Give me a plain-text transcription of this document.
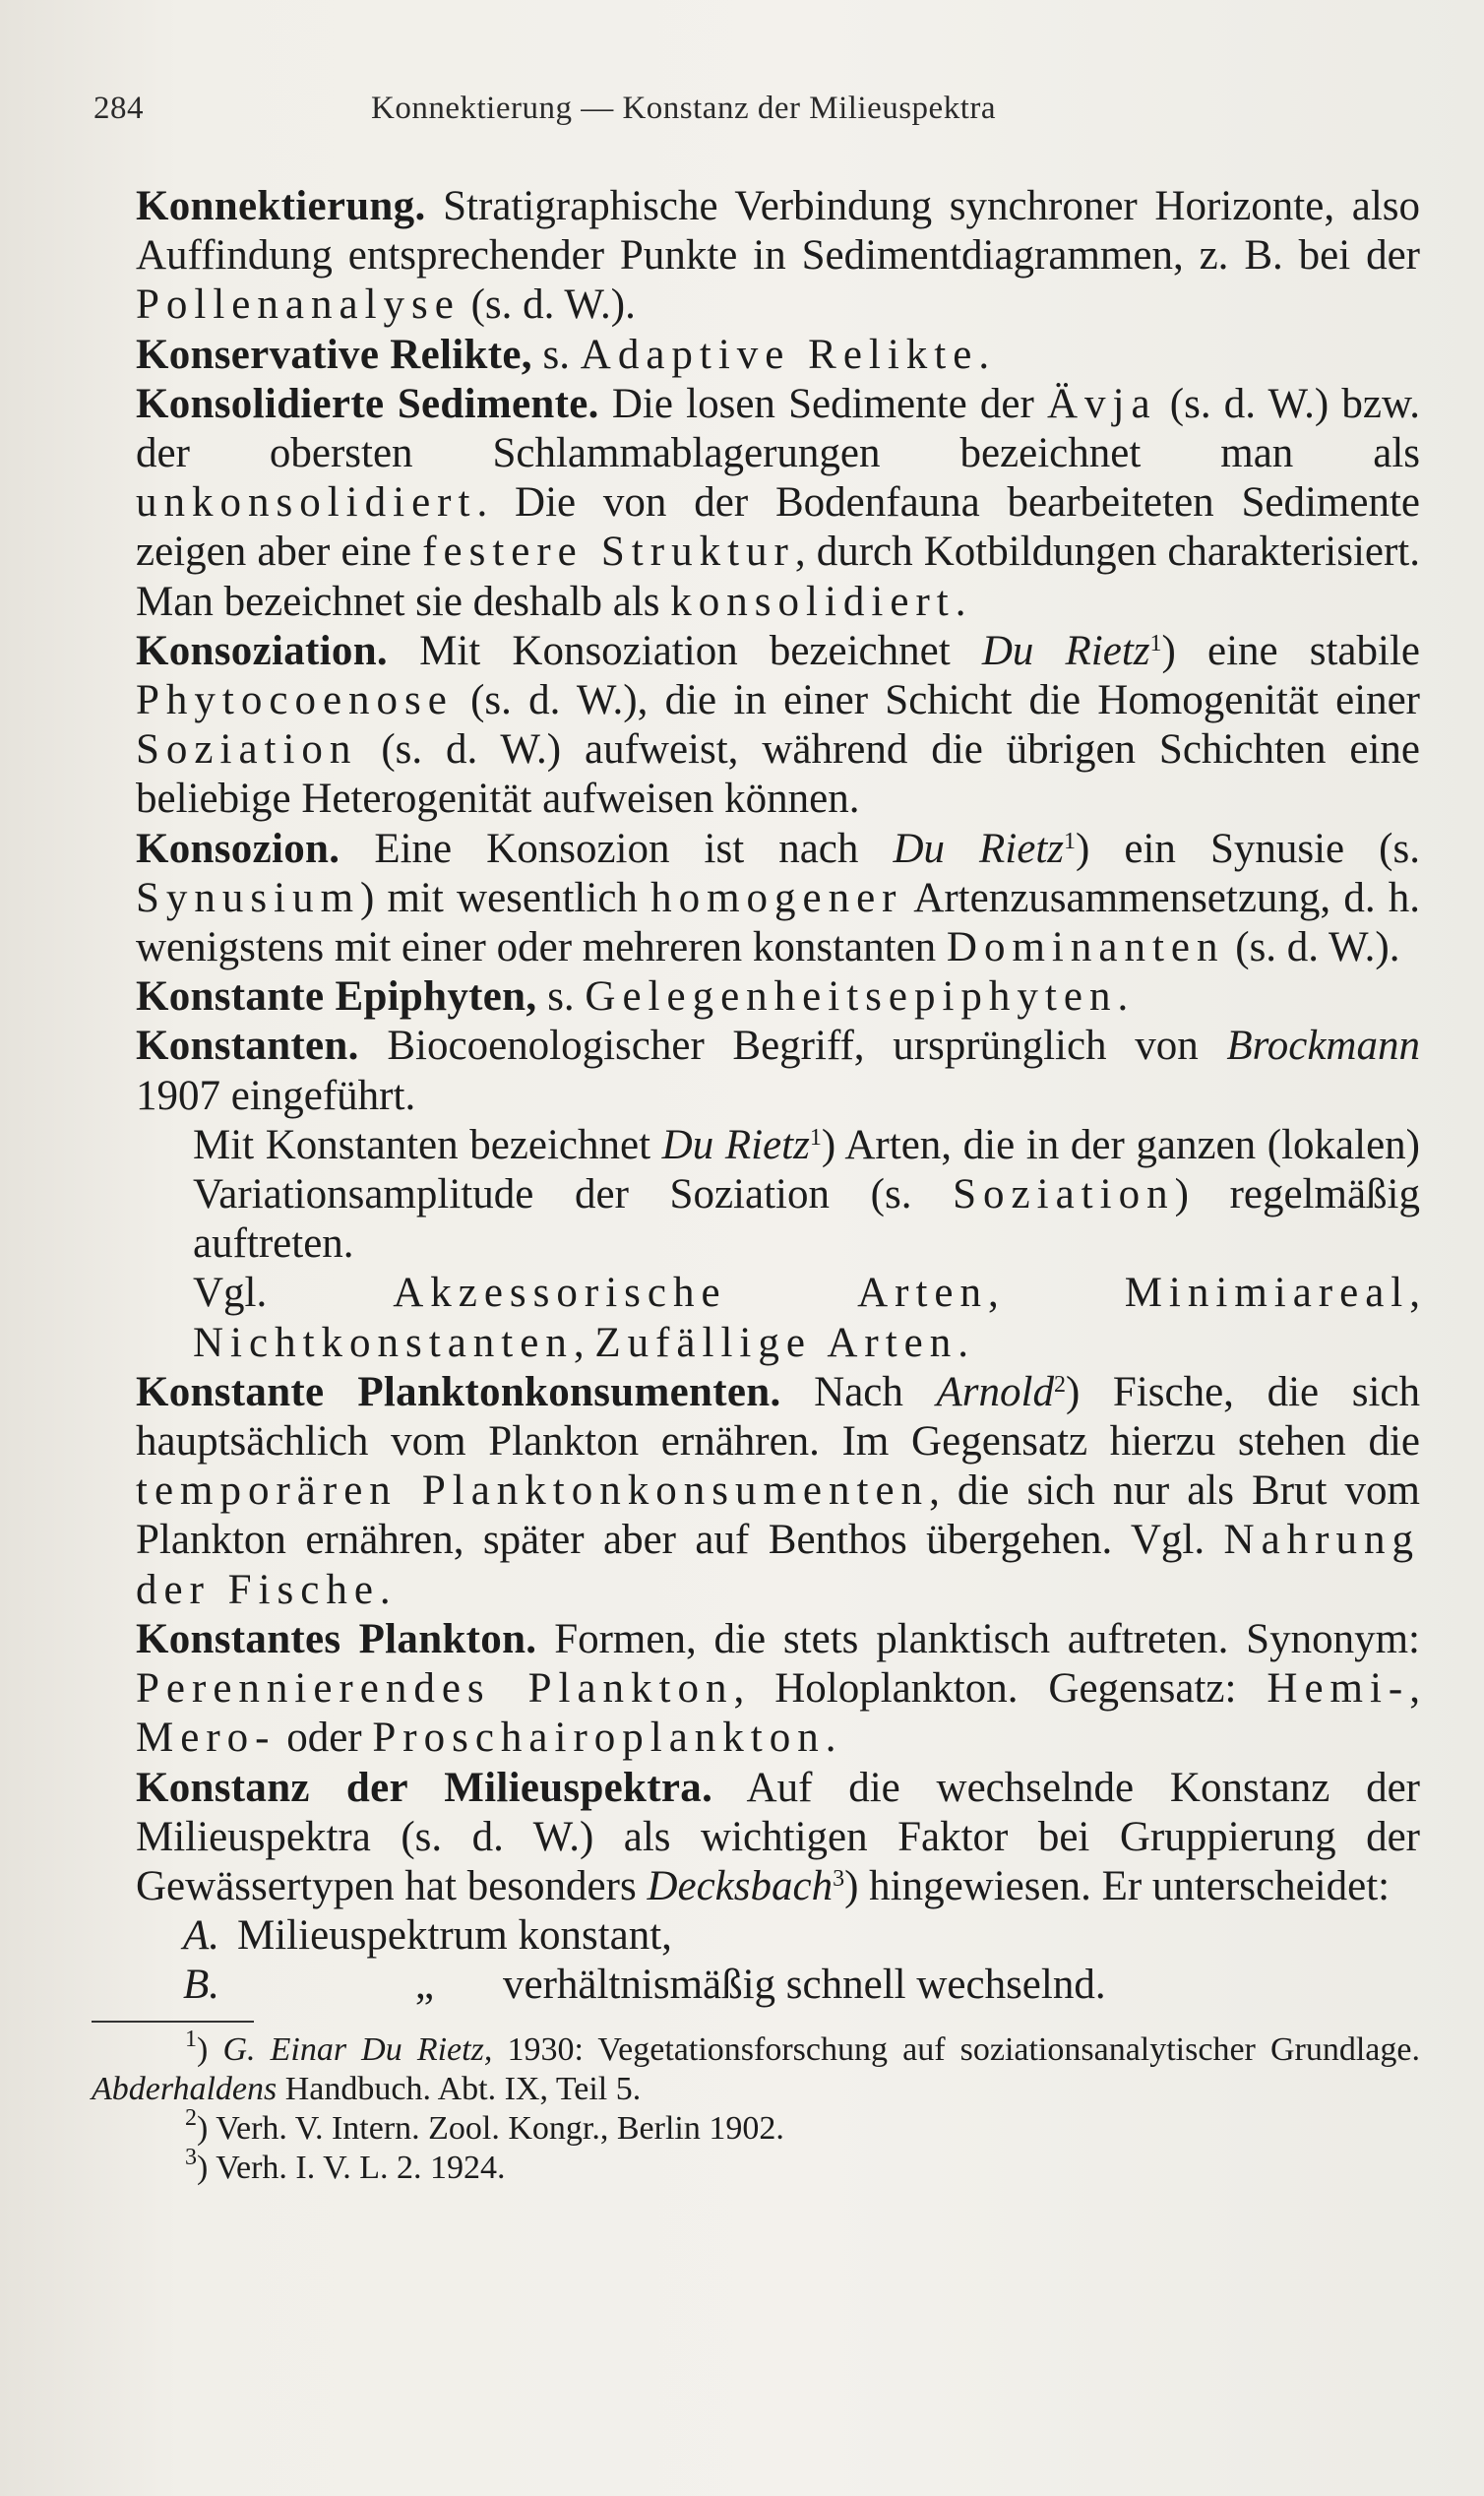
284	Konnektierung — Konstanz der Milieuspektra

Konnektierung. Stratigraphische Verbindung synchroner Horizonte, also Auffindung entsprechender Punkte in Sedimentdiagrammen, z. B. bei der Pollenanalyse (s. d. W.).

Konservative Relikte, s. Adaptive Relikte.

Konsolidierte Sedimente. Die losen Sedimente der Ävja (s. d. W.) bzw. der obersten Schlammablagerungen bezeichnet man als unkonsolidiert. Die von der Bodenfauna bearbeiteten Sedimente zeigen aber eine festere Struktur, durch Kotbildungen charakterisiert. Man bezeichnet sie deshalb als konsolidiert.

Konsoziation. Mit Konsoziation bezeichnet Du Rietz$^1$) eine stabile Phytocoenose (s. d. W.), die in einer Schicht die Homogenität einer Soziation (s. d. W.) aufweist, während die übrigen Schichten eine beliebige Heterogenität aufweisen können.

Konsozion. Eine Konsozion ist nach Du Rietz$^1$) ein Synusie (s. Synusium) mit wesentlich homogener Artenzusammensetzung, d. h. wenigstens mit einer oder mehreren konstanten Dominanten (s. d. W.).

Konstante Epiphyten, s. Gelegenheitsepiphyten.

Konstanten. Biocoenologischer Begriff, ursprünglich von Brockmann 1907 eingeführt.

Mit Konstanten bezeichnet Du Rietz$^1$) Arten, die in der ganzen (lokalen) Variationsamplitude der Soziation (s. Soziation) regelmäßig auftreten.

Vgl. Akzessorische Arten, Minimiareal, Nichtkonstanten, Zufällige Arten.

Konstante Planktonkonsumenten. Nach Arnold$^2$) Fische, die sich hauptsächlich vom Plankton ernähren. Im Gegensatz hierzu stehen die temporären Planktonkonsumenten, die sich nur als Brut vom Plankton ernähren, später aber auf Benthos übergehen. Vgl. Nahrung der Fische.

Konstantes Plankton. Formen, die stets planktisch auftreten. Synonym: Perennierendes Plankton, Holoplankton. Gegensatz: Hemi-, Mero- oder Proschairoplankton.

Konstanz der Milieuspektra. Auf die wechselnde Konstanz der Milieuspektra (s. d. W.) als wichtigen Faktor bei Gruppierung der Gewässertypen hat besonders Decksbach$^3$) hingewiesen. Er unterscheidet:

A. Milieuspektrum konstant,
B.	„	verhältnismäßig schnell wechselnd.

$^1$) G. Einar Du Rietz, 1930: Vegetationsforschung auf soziationsanalytischer Grundlage. Abderhaldens Handbuch. Abt. IX, Teil 5.

$^2$) Verh. V. Intern. Zool. Kongr., Berlin 1902.

$^3$) Verh. I. V. L. 2. 1924.
